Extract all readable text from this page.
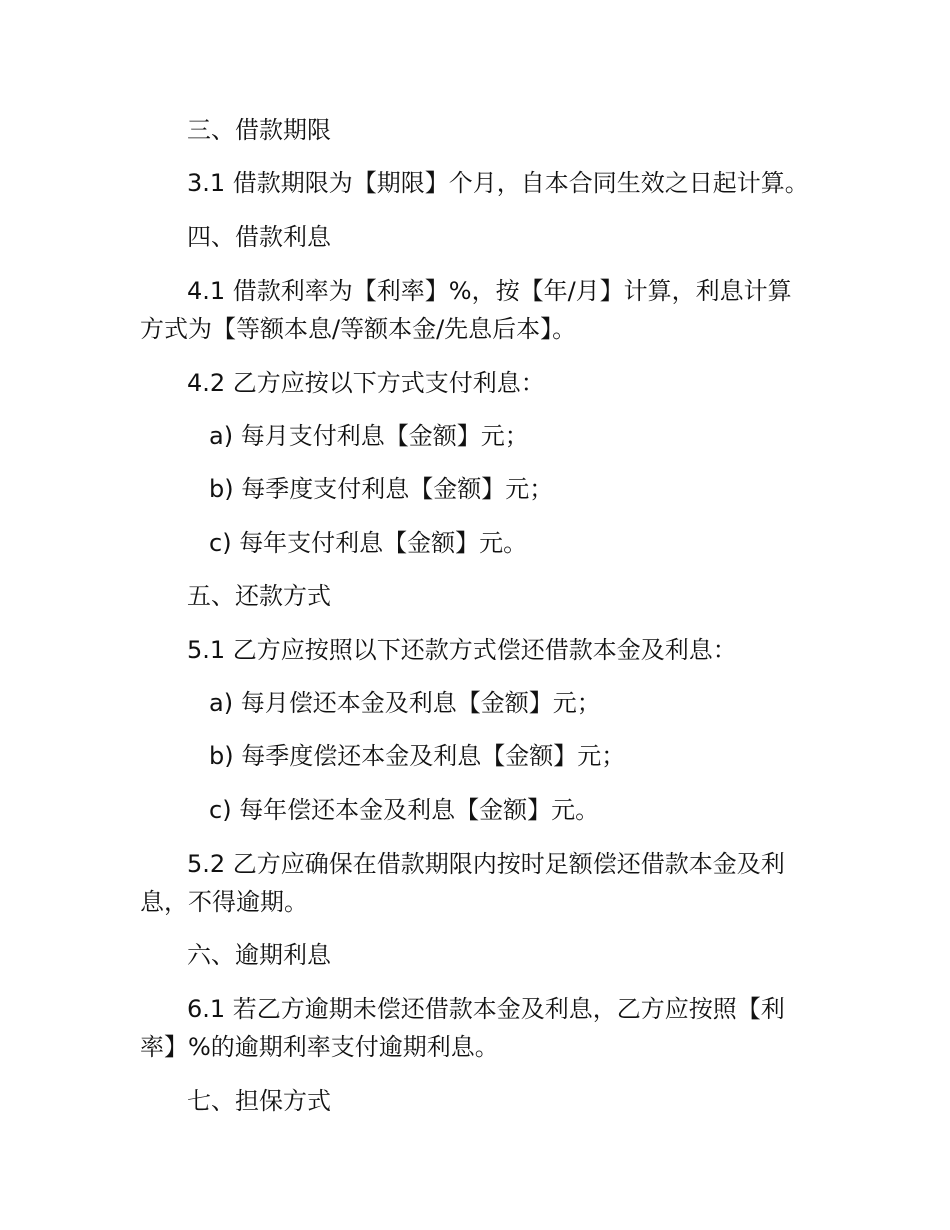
三、借款期限
3.1 借款期限为【期限】个月，自本合同生效之日起计算。
四、借款利息
4.1 借款利率为【利率】%，按【年/月】计算，利息计算
方式为【等额本息/等额本金/先息后本】。
4.2 乙方应按以下方式支付利息：
a) 每月支付利息【金额】元；
b) 每季度支付利息【金额】元；
c) 每年支付利息【金额】元。
五、还款方式
5.1 乙方应按照以下还款方式偿还借款本金及利息：
a) 每月偿还本金及利息【金额】元；
b) 每季度偿还本金及利息【金额】元；
c) 每年偿还本金及利息【金额】元。
5.2 乙方应确保在借款期限内按时足额偿还借款本金及利
息，不得逾期。
六、逾期利息
6.1 若乙方逾期未偿还借款本金及利息，乙方应按照【利
率】%的逾期利率支付逾期利息。
七、担保方式
